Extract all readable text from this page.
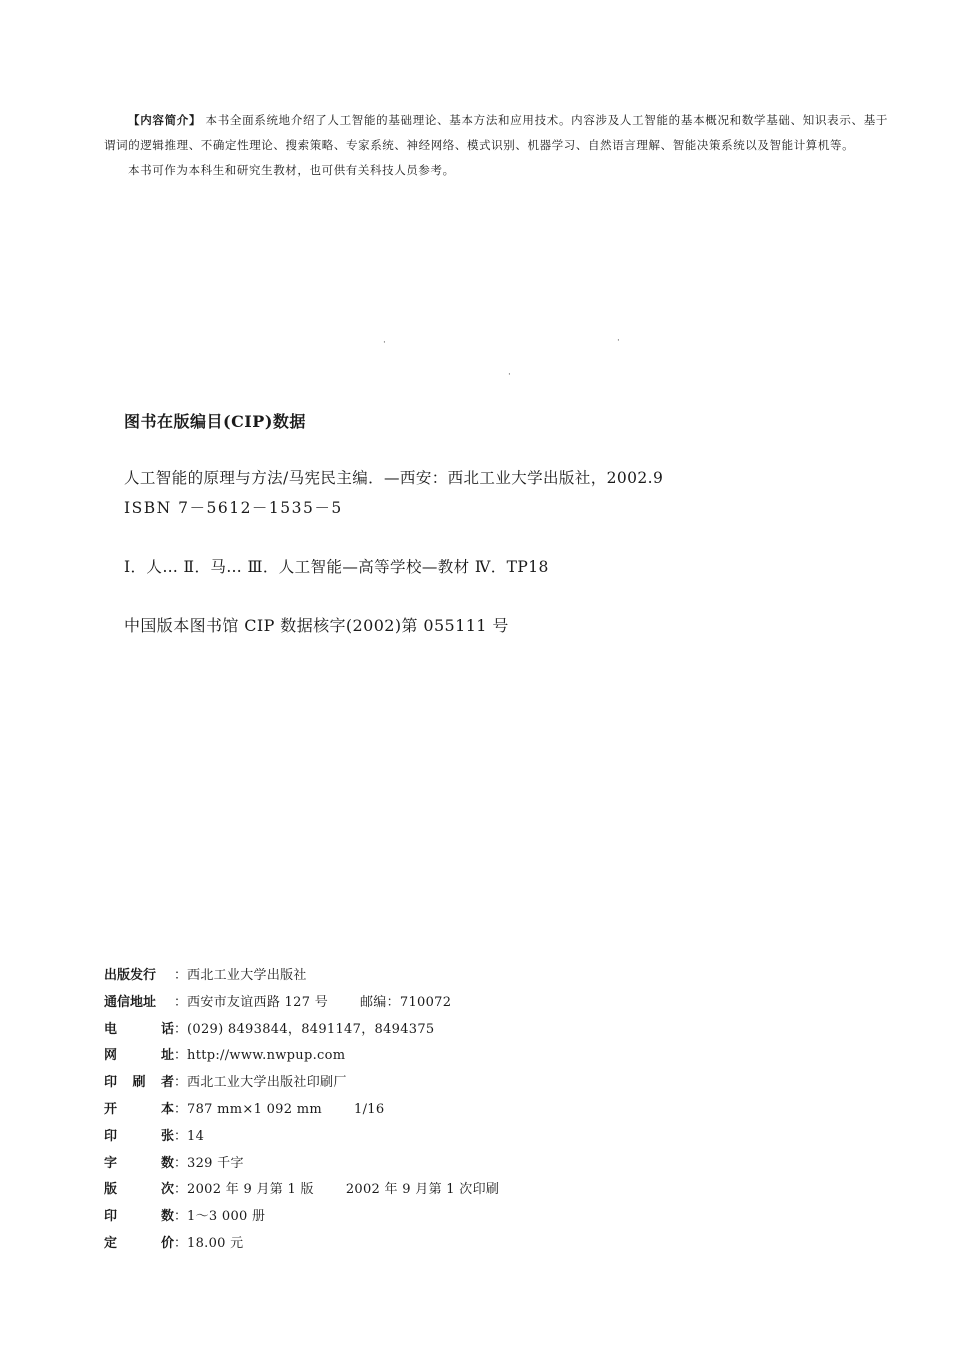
【内容简介】 本书全面系统地介绍了人工智能的基础理论、基本方法和应用技术。内容涉及人工智能的基本概况和数学基础、知识表示、基于谓词的逻辑推理、不确定性理论、搜索策略、专家系统、神经网络、模式识别、机器学习、自然语言理解、智能决策系统以及智能计算机等。

本书可作为本科生和研究生教材，也可供有关科技人员参考。

·	·
·
图书在版编目(CIP)数据
人工智能的原理与方法/马宪民主编．—西安：西北工业大学出版社，2002.9
ISBN 7－5612－1535－5
Ⅰ．人… Ⅱ．马… Ⅲ．人工智能—高等学校—教材 Ⅳ．TP18
中国版本图书馆 CIP 数据核字(2002)第 055111 号
出版发行	： 西北工业大学出版社
通信地址	： 西安市友谊西路 127 号 邮编：710072
电	话 ： (029) 8493844，8491147，8494375
网	址 ： http://www.nwpup.com
印 刷 者 ： 西北工业大学出版社印刷厂
开	本 ： 787 mm×1 092 mm 1/16
印	张 ： 14
字	数 ： 329 千字
版	次 ： 2002 年 9 月第 1 版 2002 年 9 月第 1 次印刷
印	数 ： 1～3 000 册
定	价 ： 18.00 元
